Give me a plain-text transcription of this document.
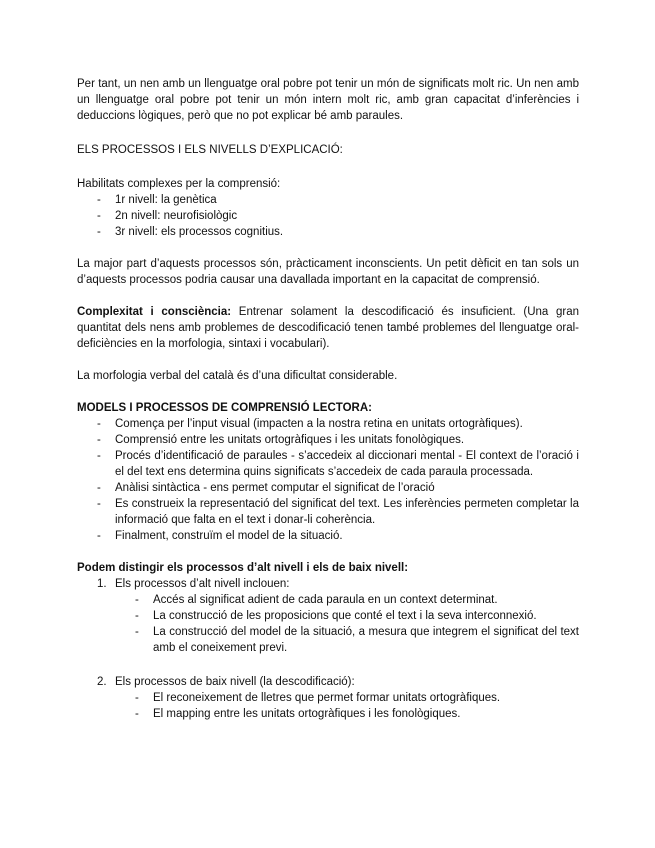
Per tant, un nen amb un llenguatge oral pobre pot tenir un món de significats molt ric. Un nen amb un llenguatge oral pobre pot tenir un món intern molt ric, amb gran capacitat d’inferències i deduccions lògiques, però que no pot explicar bé amb paraules.

ELS PROCESSOS I ELS NIVELLS D’EXPLICACIÓ:

Habilitats complexes per la comprensió:

- 1r nivell: la genètica
- 2n nivell: neurofisiològic
- 3r nivell: els processos cognitius.

La major part d’aquests processos són, pràcticament inconscients. Un petit dèficit en tan sols un d’aquests processos podria causar una davallada important en la capacitat de comprensió.

Complexitat i consciència: Entrenar solament la descodificació és insuficient. (Una gran quantitat dels nens amb problemes de descodificació tenen també problemes del llenguatge oral- deficiències en la morfologia, sintaxi i vocabulari).

La morfologia verbal del català és d’una dificultat considerable.

MODELS I PROCESSOS DE COMPRENSIÓ LECTORA:

- Comença per l’input visual (impacten a la nostra retina en unitats ortogràfiques).
- Comprensió entre les unitats ortogràfiques i les unitats fonològiques.
- Procés d’identificació de paraules - s’accedeix al diccionari mental - El context de l’oració i el del text ens determina quins significats s’accedeix de cada paraula processada.
- Anàlisi sintàctica - ens permet computar el significat de l’oració
- Es construeix la representació del significat del text. Les inferències permeten completar la informació que falta en el text i donar-li coherència.
- Finalment, construïm el model de la situació.

Podem distingir els processos d’alt nivell i els de baix nivell:

1. Els processos d’alt nivell inclouen:
- Accés al significat adient de cada paraula en un context determinat.
- La construcció de les proposicions que conté el text i la seva interconnexió.
- La construcció del model de la situació, a mesura que integrem el significat del text amb el coneixement previ.
2. Els processos de baix nivell (la descodificació):
- El reconeixement de lletres que permet formar unitats ortogràfiques.
- El mapping entre les unitats ortogràfiques i les fonològiques.
